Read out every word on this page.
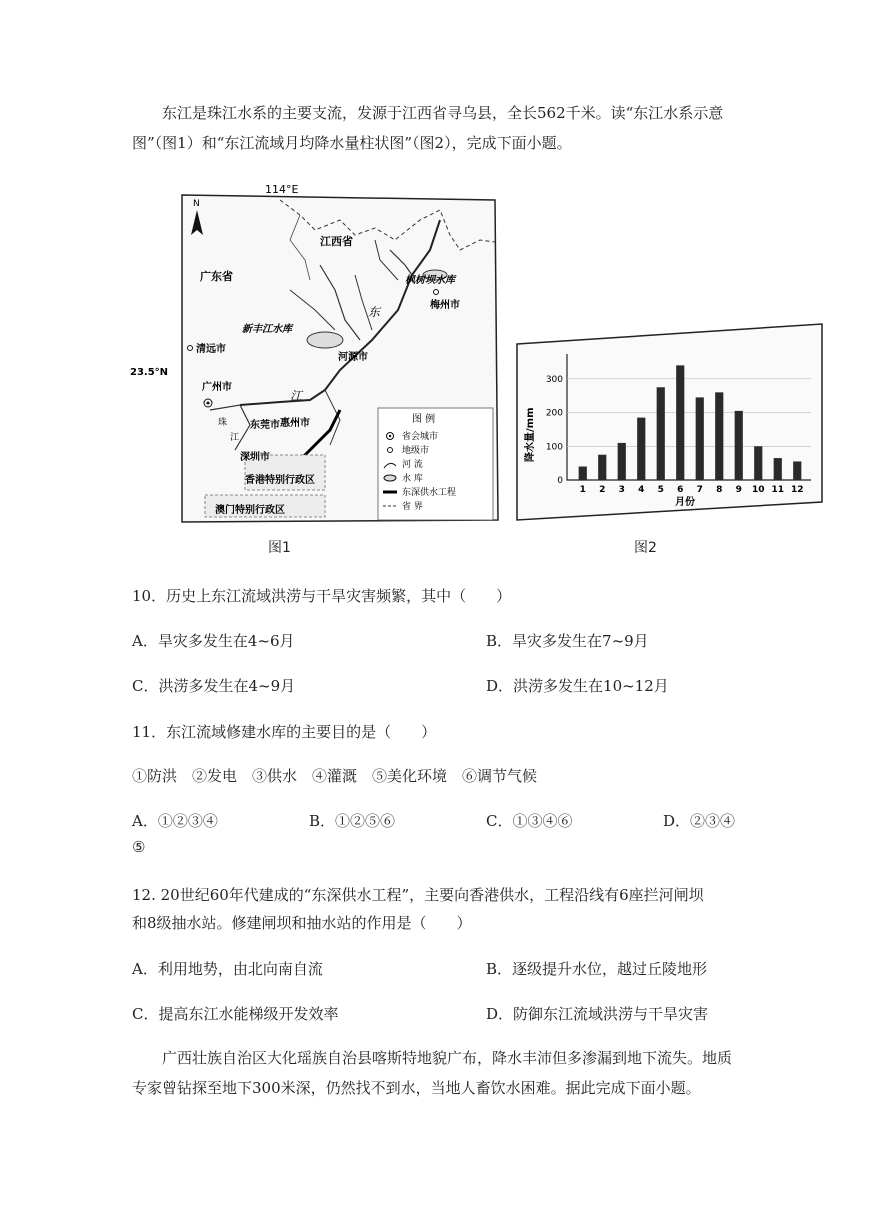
东江是珠江水系的主要支流，发源于江西省寻乌县，全长562千米。读“东江水系示意图”（图1）和“东江流域月均降水量柱状图”（图2），完成下面小题。
114°E
N
23.5°N
江西省
广东省	枫树坝水库
梅州市
新丰江水库
东
河源市
清远市
广州市
江
珠
江
东莞市 惠州市
深圳市
香港特别行政区
澳门特别行政区
图 例
省会城市
地级市
河 流
水 库
东深供水工程
省 界
图1
降水量/mm
0
100
200
300
1 2 3 4 5 6 7 8 9 10 11 12
月份
图2
10．历史上东江流域洪涝与干旱灾害频繁，其中（　　）
A．旱灾多发生在4~6月	B．旱灾多发生在7~9月
C．洪涝多发生在4~9月	D．洪涝多发生在10~12月
11．东江流域修建水库的主要目的是（　　）
①防洪　②发电　③供水　④灌溉　⑤美化环境　⑥调节气候
A．①②③④	B．①②⑤⑥	C．①③④⑥	D．②③④
⑤
12. 20世纪60年代建成的“东深供水工程”，主要向香港供水，工程沿线有6座拦河闸坝
和8级抽水站。修建闸坝和抽水站的作用是（　　）
A．利用地势，由北向南自流	B．逐级提升水位，越过丘陵地形
C．提高东江水能梯级开发效率	D．防御东江流域洪涝与干旱灾害
广西壮族自治区大化瑶族自治县喀斯特地貌广布，降水丰沛但多渗漏到地下流失。地质专家曾钻探至地下300米深，仍然找不到水，当地人畜饮水困难。据此完成下面小题。
